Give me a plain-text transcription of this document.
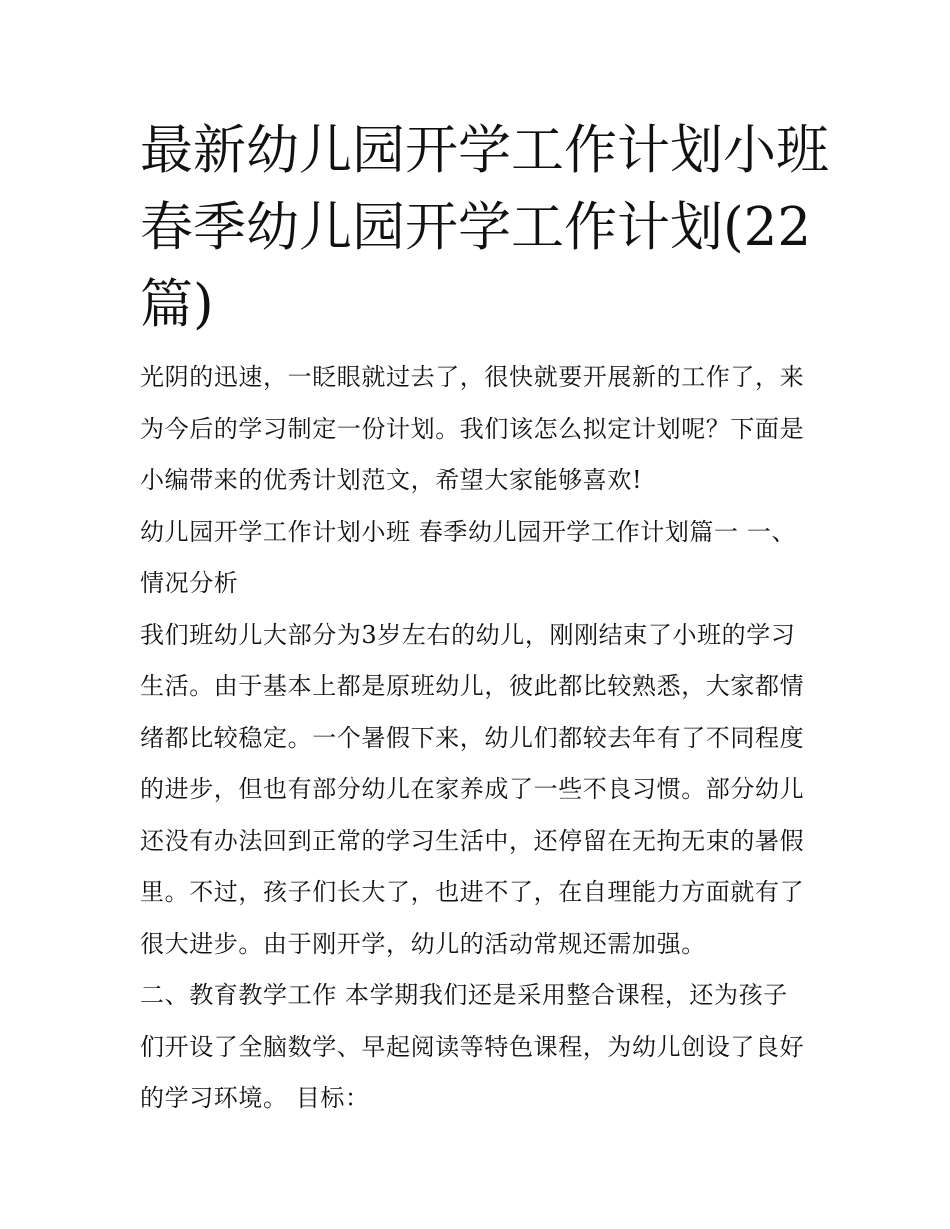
最新幼儿园开学工作计划小班
春季幼儿园开学工作计划(22
篇)

光阴的迅速，一眨眼就过去了，很快就要开展新的工作了，来

为今后的学习制定一份计划。我们该怎么拟定计划呢？下面是

小编带来的优秀计划范文，希望大家能够喜欢!

幼儿园开学工作计划小班 春季幼儿园开学工作计划篇一 一、

情况分析

我们班幼儿大部分为3岁左右的幼儿，刚刚结束了小班的学习

生活。由于基本上都是原班幼儿，彼此都比较熟悉，大家都情

绪都比较稳定。一个暑假下来，幼儿们都较去年有了不同程度

的进步，但也有部分幼儿在家养成了一些不良习惯。部分幼儿

还没有办法回到正常的学习生活中，还停留在无拘无束的暑假

里。不过，孩子们长大了，也进不了，在自理能力方面就有了

很大进步。由于刚开学，幼儿的活动常规还需加强。

二、教育教学工作 本学期我们还是采用整合课程，还为孩子

们开设了全脑数学、早起阅读等特色课程，为幼儿创设了良好

的学习环境。 目标：
